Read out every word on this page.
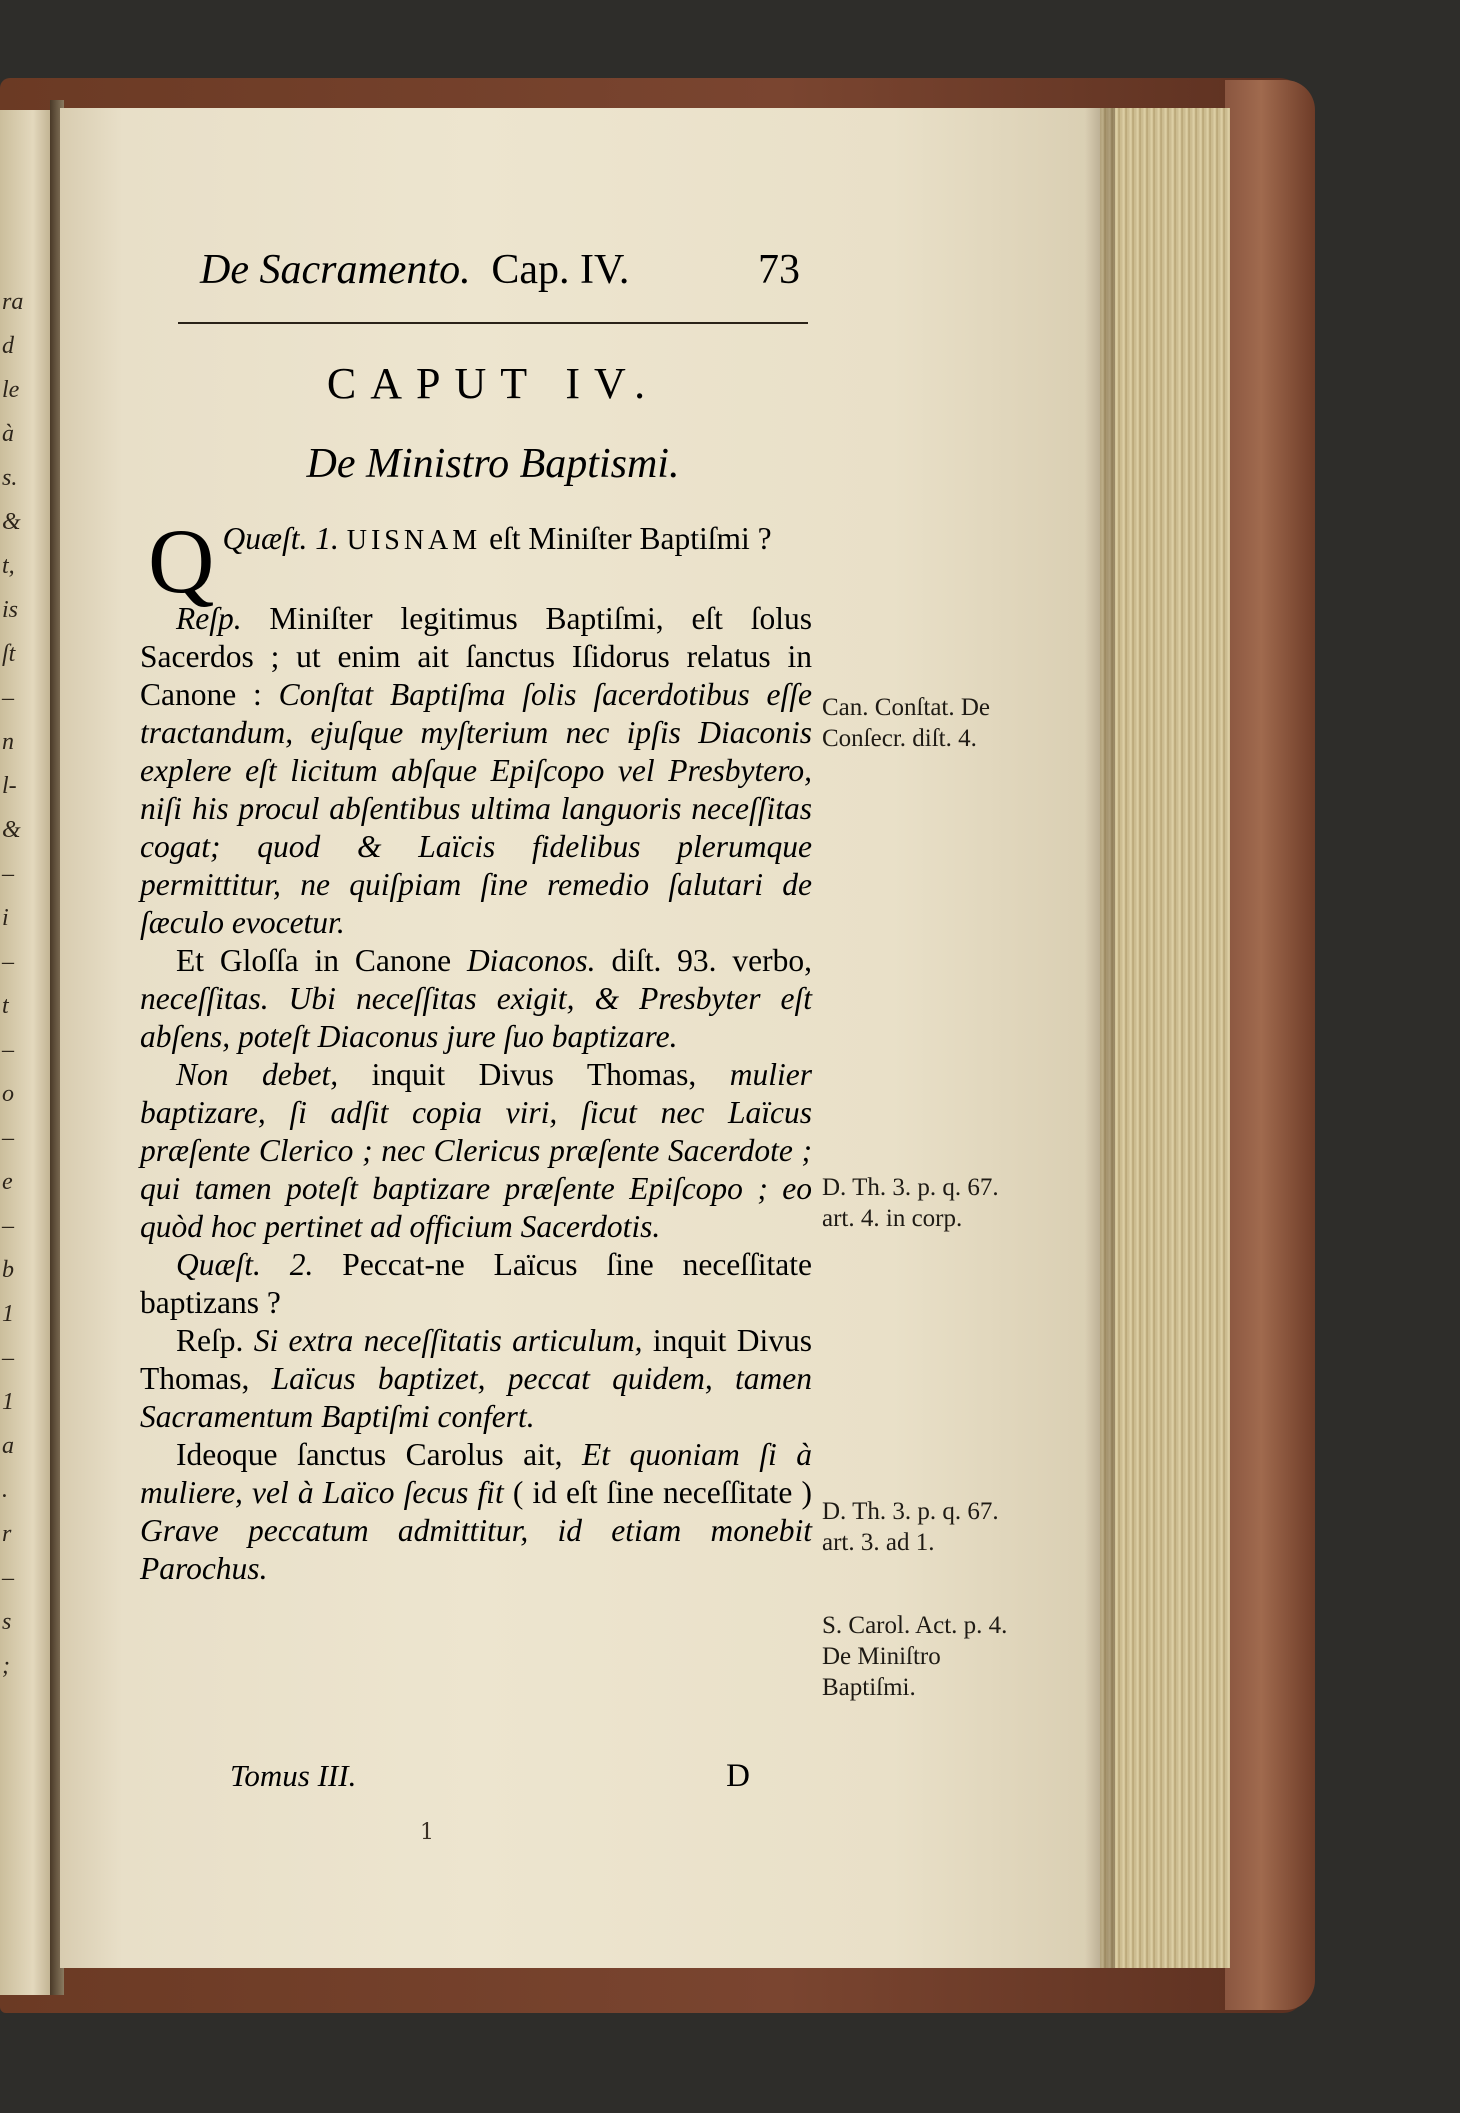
ra
d
le
à
s.
&
t,
is
ſt
–
n
l-
&
–
i
–
t
–
o
–
e
–
b
1
–
1
a
.
r
–
s
;
De Sacramento. Cap. IV.	73
CAPUT IV.
De Ministro Baptismi.

Quæſt. 1.
Q	UISNAM eſt Miniſter Baptiſmi ?

Reſp. Miniſter legitimus Baptiſmi, eſt ſolus Sacerdos ; ut enim ait ſanctus Iſidorus relatus in Canone : Conſtat Baptiſma ſolis ſacerdotibus eſſe tractandum, ejuſque myſterium nec ipſis Diaconis explere eſt licitum abſque Epiſcopo vel Presbytero, niſi his procul abſentibus ultima languoris neceſſitas cogat; quod & Laïcis fidelibus plerumque permittitur, ne quiſpiam ſine remedio ſalutari de ſæculo evocetur.

Et Gloſſa in Canone Diaconos. diſt. 93. verbo, neceſſitas. Ubi neceſſitas exigit, & Presbyter eſt abſens, poteſt Diaconus jure ſuo baptizare.

Non debet, inquit Divus Thomas, mulier baptizare, ſi adſit copia viri, ſicut nec Laïcus præſente Clerico ; nec Clericus præſente Sacerdote ; qui tamen poteſt baptizare præſente Epiſcopo ; eo quòd hoc pertinet ad officium Sacerdotis.

Quæſt. 2. Peccat-ne Laïcus ſine neceſſitate baptizans ?

Reſp. Si extra neceſſitatis articulum, inquit Divus Thomas, Laïcus baptizet, peccat quidem, tamen Sacramentum Baptiſmi confert.

Ideoque ſanctus Carolus ait, Et quoniam ſi à muliere, vel à Laïco ſecus fit ( id eſt ſine neceſſitate ) Grave peccatum admittitur, id etiam monebit Parochus.

Can. Conſtat. De Conſecr. diſt. 4.
D. Th. 3. p. q. 67. art. 4. in corp.
D. Th. 3. p. q. 67. art. 3. ad 1.
S. Carol. Act. p. 4. De Miniſtro Baptiſmi.
Tomus III.	D
1
